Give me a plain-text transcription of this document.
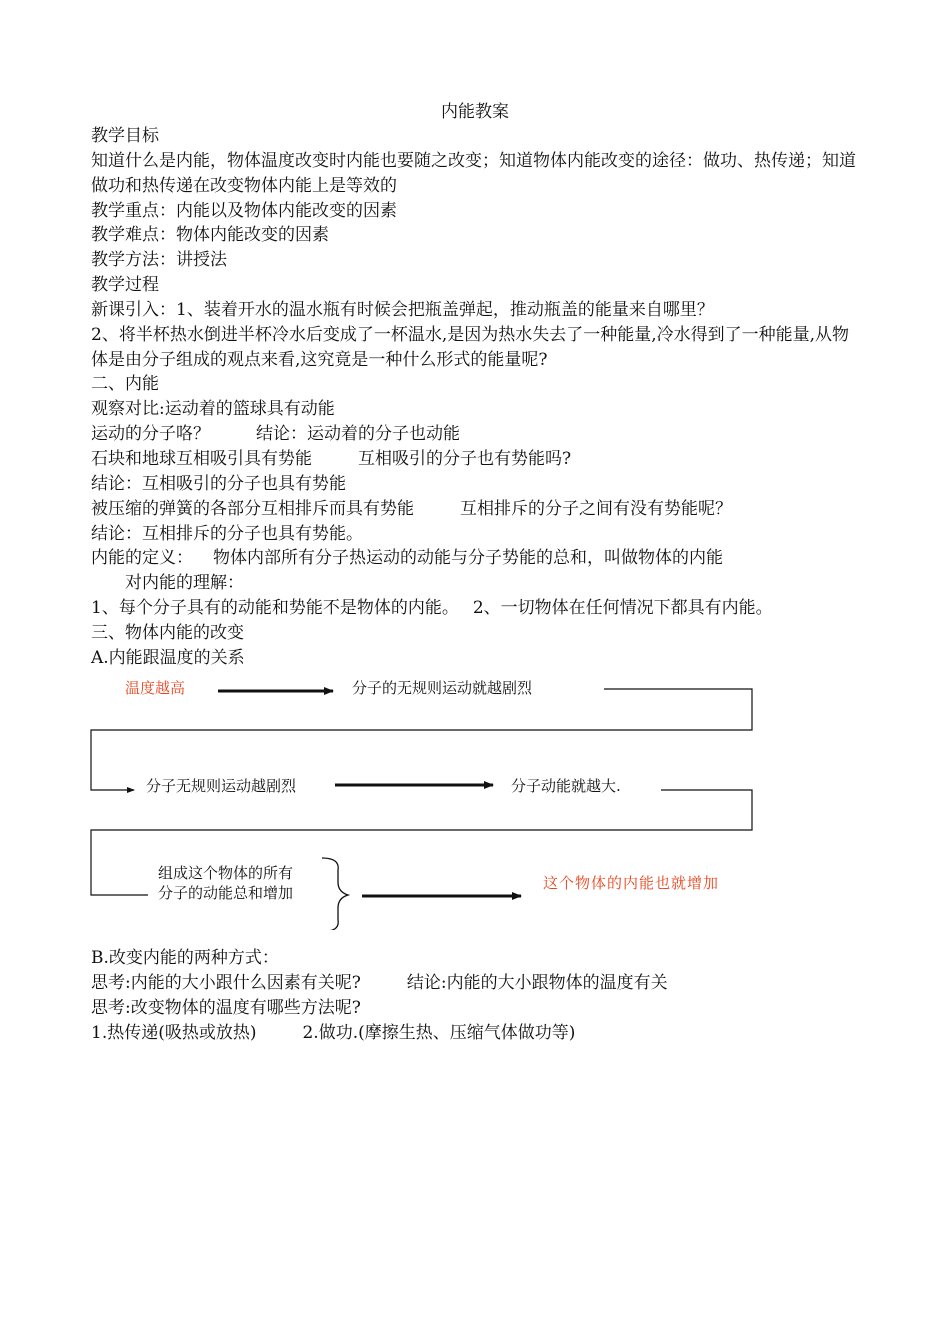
内能教案

教学目标

知道什么是内能，物体温度改变时内能也要随之改变；知道物体内能改变的途径：做功、热传递；知道做功和热传递在改变物体内能上是等效的

教学重点：内能以及物体内能改变的因素

教学难点：物体内能改变的因素

教学方法：讲授法

教学过程

新课引入：1、装着开水的温水瓶有时候会把瓶盖弹起，推动瓶盖的能量来自哪里？

2、将半杯热水倒进半杯冷水后变成了一杯温水,是因为热水失去了一种能量,冷水得到了一种能量,从物体是由分子组成的观点来看,这究竟是一种什么形式的能量呢?

二、内能

观察对比:运动着的篮球具有动能

运动的分子咯？	结论：运动着的分子也动能

石块和地球互相吸引具有势能	互相吸引的分子也有势能吗?

结论：互相吸引的分子也具有势能

被压缩的弹簧的各部分互相排斥而具有势能	互相排斥的分子之间有没有势能呢？

结论：互相排斥的分子也具有势能。

内能的定义： 物体内部所有分子热运动的动能与分子势能的总和，叫做物体的内能

对内能的理解：

1、每个分子具有的动能和势能不是物体的内能。 2、一切物体在任何情况下都具有内能。

三、物体内能的改变

A.内能跟温度的关系

温度越高	分子的无规则运动就越剧烈
分子无规则运动越剧烈	分子动能就越大.
组成这个物体的所有
分子的动能总和增加
这个物体的内能也就增加

B.改变内能的两种方式：

思考:内能的大小跟什么因素有关呢?	结论:内能的大小跟物体的温度有关

思考:改变物体的温度有哪些方法呢?

1.热传递(吸热或放热)	2.做功.(摩擦生热、压缩气体做功等)
